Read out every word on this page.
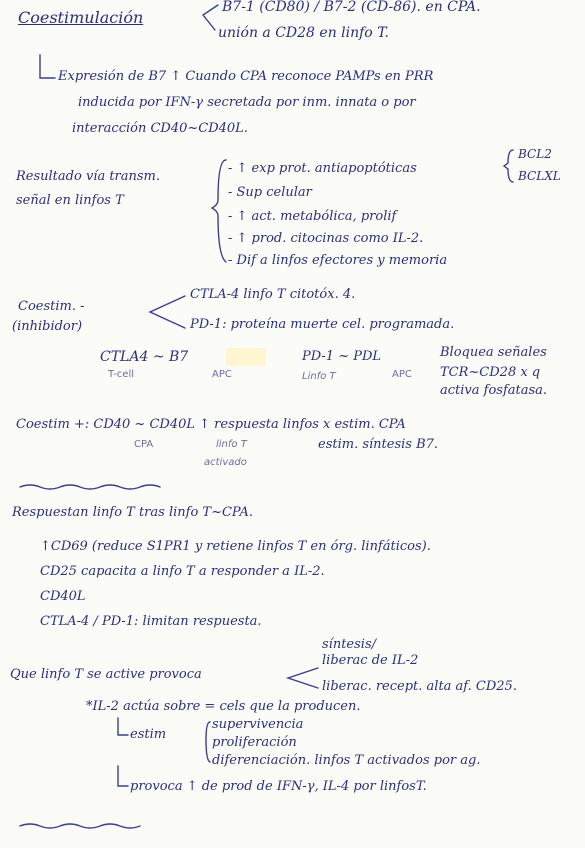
Coestimulación
B7-1 (CD80) / B7-2 (CD-86). en CPA.
unión a CD28 en linfo T.
Expresión de B7 ↑ Cuando CPA reconoce PAMPs en PRR
inducida por IFN-γ secretada por inm. innata o por
interacción CD40~CD40L.
Resultado vía transm.
señal en linfos T
- ↑ exp prot. antiapoptóticas
- Sup celular
- ↑ act. metabólica, prolif
- ↑ prod. citocinas como IL-2.
- Dif a linfos efectores y memoria
BCL2
BCLXL
Coestim. -
(inhibidor)
CTLA-4 linfo T citotóx. 4.
PD-1: proteína muerte cel. programada.
CTLA4 ~ B7
T-cell	APC
PD-1 ~ PDL
Linfo T	APC
Bloquea señales
TCR~CD28 x q
activa fosfatasa.
Coestim +: CD40 ~ CD40L ↑ respuesta linfos x estim. CPA
CPA	linfo T
activado
estim. síntesis B7.
Respuestan linfo T tras linfo T~CPA.
↑CD69 (reduce S1PR1 y retiene linfos T en órg. linfáticos).
CD25 capacita a linfo T a responder a IL-2.
CD40L
CTLA-4 / PD-1: limitan respuesta.
Que linfo T se active provoca
síntesis/
liberac de IL-2
liberac. recept. alta af. CD25.
*IL-2 actúa sobre = cels que la producen.
estim
supervivencia
proliferación
diferenciación. linfos T activados por ag.
provoca ↑ de prod de IFN-γ, IL-4 por linfosT.
